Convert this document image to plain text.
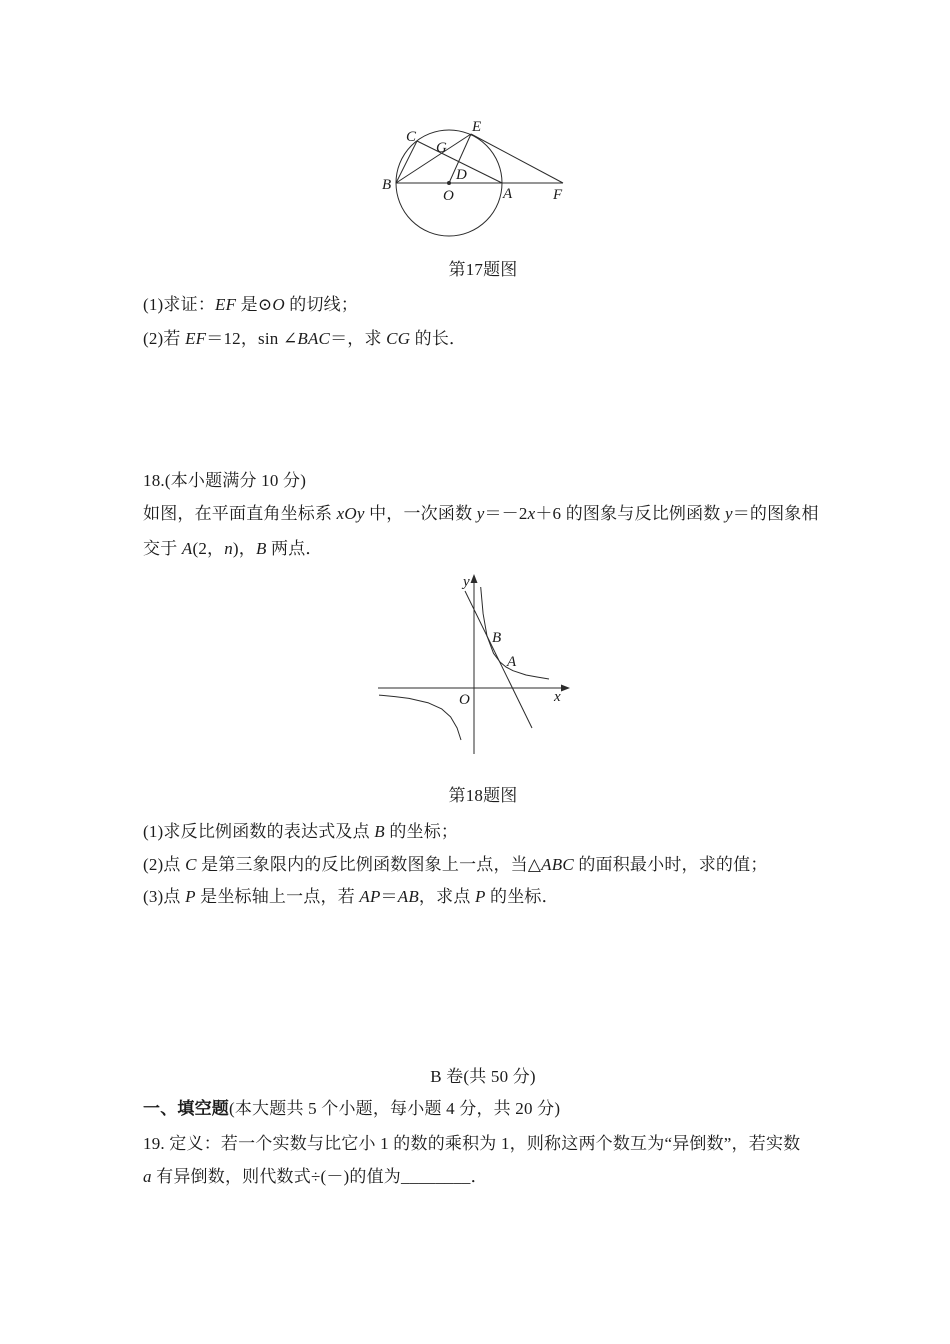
B
C
E
G
D
O	A	F
第17题图
(1)求证：EF 是⊙O 的切线；
(2)若 EF＝12，sin ∠BAC＝，求 CG 的长．
18.(本小题满分 10 分)
如图，在平面直角坐标系 xOy 中，一次函数 y＝－2x＋6 的图象与反比例函数 y＝的图象相
交于 A(2，n)，B 两点．
y
x
O
B
A
第18题图
(1)求反比例函数的表达式及点 B 的坐标；
(2)点 C 是第三象限内的反比例函数图象上一点，当△ABC 的面积最小时，求的值；
(3)点 P 是坐标轴上一点，若 AP＝AB，求点 P 的坐标．
B 卷(共 50 分)
一、填空题(本大题共 5 个小题，每小题 4 分，共 20 分)
19. 定义：若一个实数与比它小 1 的数的乘积为 1，则称这两个数互为“异倒数”，若实数
a 有异倒数，则代数式÷(－)的值为________．
